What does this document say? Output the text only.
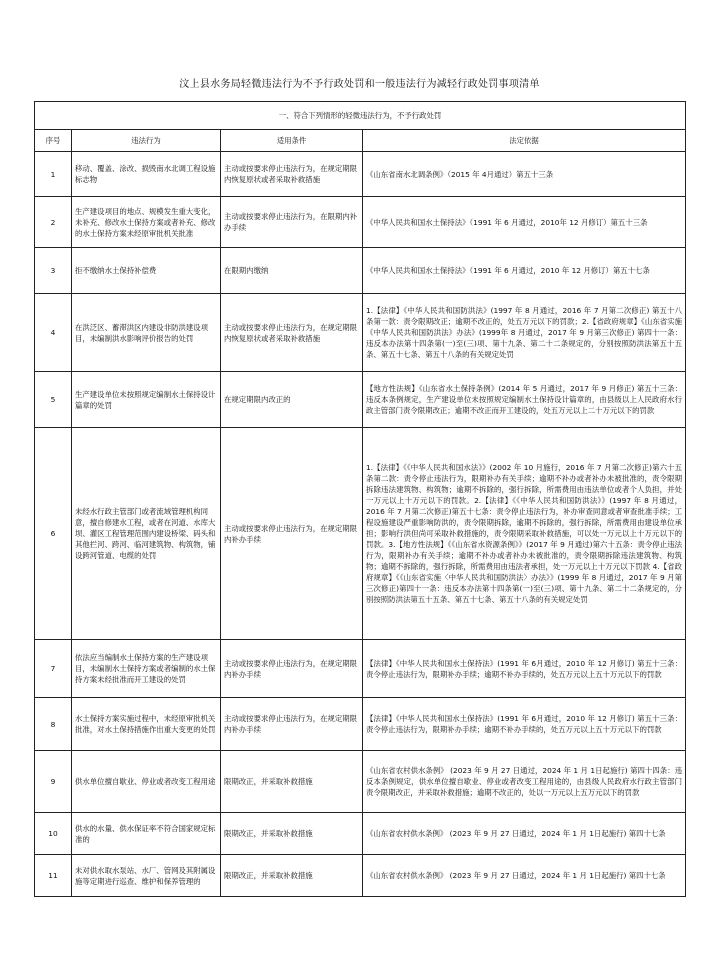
汶上县水务局轻微违法行为不予行政处罚和一般违法行为减轻行政处罚事项清单
一、符合下列情形的轻微违法行为，不予行政处罚			
序号	违法行为	适用条件	法定依据
1	移动、覆盖、涂改、损毁南水北调工程设施标志物	主动或按要求停止违法行为，在规定期限内恢复原状或者采取补救措施	《山东省南水北调条例》（2015 年 4月通过）第五十三条
2	生产建设项目的地点、规模发生重大变化，未补充、修改水土保持方案或者补充、修改的水土保持方案未经原审批机关批准	主动或按要求停止违法行为，在限期内补办手续	《中华人民共和国水土保持法》（1991 年 6 月通过，2010年 12 月修订）第五十三条
3	拒不缴纳水土保持补偿费	在限期内缴纳	《中华人民共和国水土保持法》（1991 年 6 月通过，2010 年 12 月修订）第五十七条
4	在洪泛区、蓄滞洪区内建设非防洪建设项目，未编制洪水影响评价报告的处罚	主动或按要求停止违法行为，在规定期限内恢复原状或者采取补救措施	1.【法律】《中华人民共和国防洪法》(1997 年 8 月通过，2016 年 7 月第二次修正) 第五十八条第一款：责令限期改正；逾期不改正的，处五万元以下的罚款；2.【省政府规章】《山东省实施《中华人民共和国防洪法》办法》(1999年 8 月通过，2017 年 9 月第三次修正) 第四十一条：违反本办法第十四条第(一)至(三)项、第十九条、第二十二条规定的，分别按照防洪法第五十五条、第五十七条、第五十八条的有关规定处罚
5	生产建设单位未按照规定编制水土保持设计篇章的处罚	在规定期限内改正的	【地方性法规】《山东省水土保持条例》(2014 年 5 月通过，2017 年 9 月修正) 第五十三条：违反本条例规定，生产建设单位未按照规定编制水土保持设计篇章的，由县级以上人民政府水行政主管部门责令限期改正；逾期不改正而开工建设的，处五万元以上二十万元以下的罚款
6	未经水行政主管部门或者流域管理机构同意，擅自修建水工程，或者在河道、水库大坝、灌区工程管理范围内建设桥梁、码头和其他拦河、跨河、临河建筑物、构筑物，铺设跨河管道、电缆的处罚	主动或按要求停止违法行为，在规定期限内补办手续	1.【法律】《《中华人民共和国水法》》(2002 年 10 月施行，2016 年 7 月第二次修正)第六十五条第二款：责令停止违法行为，限期补办有关手续；逾期不补办或者补办未被批准的，责令限期拆除违法建筑物、构筑物；逾期不拆除的，强行拆除，所需费用由违法单位或者个人负担，并处一万元以上十万元以下的罚款。2.【法律】《《中华人民共和国防洪法》》(1997 年 8 月通过，2016 年 7 月第二次修正)第五十七条：责令停止违法行为，补办审查同意或者审查批准手续；工程设施建设严重影响防洪的，责令限期拆除，逾期不拆除的，强行拆除，所需费用由建设单位承担；影响行洪但尚可采取补救措施的，责令限期采取补救措施，可以处一万元以上十万元以下的罚款。3.【地方性法规】《《山东省水资源条例》》(2017 年 9 月通过)第六十五条：责令停止违法行为，限期补办有关手续；逾期不补办或者补办未被批准的，责令限期拆除违法建筑物、构筑物；逾期不拆除的，强行拆除，所需费用由违法者承担，处一万元以上十万元以下罚款 4.【省政府规章】《《山东省实施〈中华人民共和国防洪法〉办法》》(1999 年 8 月通过，2017 年 9 月第三次修正)第四十一条：违反本办法第十四条第(一)至(三)项、第十九条、第二十二条规定的，分别按照防洪法第五十五条、第五十七条、第五十八条的有关规定处罚
7	依法应当编制水土保持方案的生产建设项目，未编制水土保持方案或者编制的水土保持方案未经批准而开工建设的处罚	主动或按要求停止违法行为，在规定期限内补办手续	【法律】《中华人民共和国水土保持法》(1991 年 6月通过，2010 年 12 月修订) 第五十三条：责令停止违法行为，限期补办手续；逾期不补办手续的，处五万元以上五十万元以下的罚款
8	水土保持方案实施过程中，未经原审批机关批准，对水土保持措施作出重大变更的处罚	主动或按要求停止违法行为，在规定期限内补办手续	【法律】《中华人民共和国水土保持法》(1991 年 6月通过，2010 年 12 月修订) 第五十三条：责令停止违法行为，限期补办手续；逾期不补办手续的，处五万元以上五十万元以下的罚款
9	供水单位擅自歇业、停业或者改变工程用途	限期改正，并采取补救措施	《山东省农村供水条例》 (2023 年 9 月 27 日通过，2024 年 1 月 1日起施行) 第四十四条：违反本条例规定，供水单位擅自歇业、停业或者改变工程用途的，由县级人民政府水行政主管部门责令限期改正，并采取补救措施；逾期不改正的，处以一万元以上五万元以下的罚款
10	供水的水量、供水保证率不符合国家规定标准的	限期改正，并采取补救措施	《山东省农村供水条例》 (2023 年 9 月 27 日通过，2024 年 1 月 1日起施行) 第四十七条
11	未对供水取水泵站、水厂、管网及其附属设施等定期进行巡查、维护和保养管理的	限期改正，并采取补救措施	《山东省农村供水条例》 (2023 年 9 月 27 日通过，2024 年 1 月 1日起施行) 第四十七条
